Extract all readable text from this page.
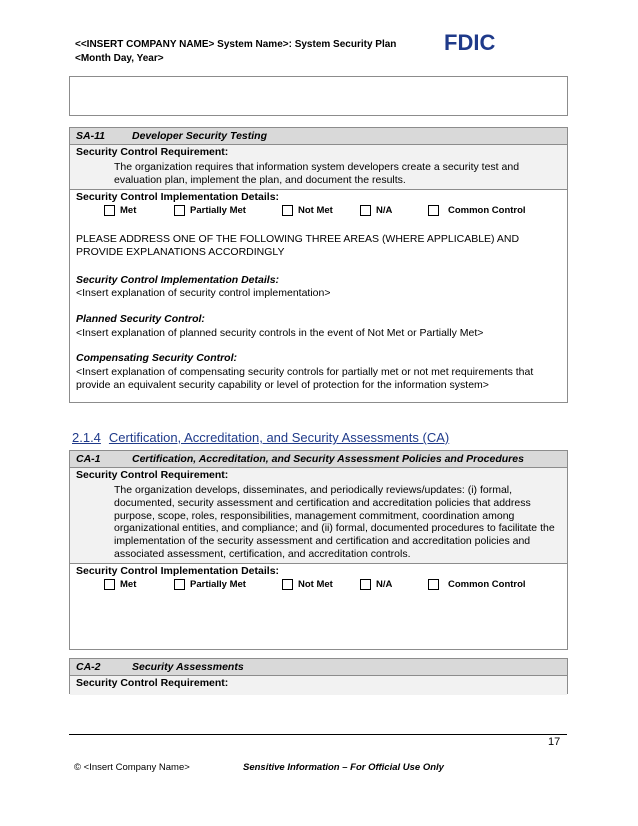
<<INSERT COMPANY NAME> System Name>: System Security Plan
<Month Day, Year>
FDIC
SA-11	Developer Security Testing
Security Control Requirement:
The organization requires that information system developers create a security test and evaluation plan, implement the plan, and document the results.
Security Control Implementation Details:
Met	Partially Met	Not Met	N/A	Common Control
PLEASE ADDRESS ONE OF THE FOLLOWING THREE AREAS (WHERE APPLICABLE) AND PROVIDE EXPLANATIONS ACCORDINGLY
Security Control Implementation Details:
<Insert explanation of security control implementation>
Planned Security Control:
<Insert explanation of planned security controls in the event of Not Met or Partially Met>
Compensating Security Control:
<Insert explanation of compensating security controls for partially met or not met requirements that provide an equivalent security capability or level of protection for the information system>
2.1.4 Certification, Accreditation, and Security Assessments (CA)
CA-1	Certification, Accreditation, and Security Assessment Policies and Procedures
Security Control Requirement:
The organization develops, disseminates, and periodically reviews/updates: (i) formal, documented, security assessment and certification and accreditation policies that address purpose, scope, roles, responsibilities, management commitment, coordination among organizational entities, and compliance; and (ii) formal, documented procedures to facilitate the implementation of the security assessment and certification and accreditation policies and associated assessment, certification, and accreditation controls.
Security Control Implementation Details:
Met	Partially Met	Not Met	N/A	Common Control
CA-2	Security Assessments
Security Control Requirement:
17
© <Insert Company Name>	Sensitive Information – For Official Use Only
